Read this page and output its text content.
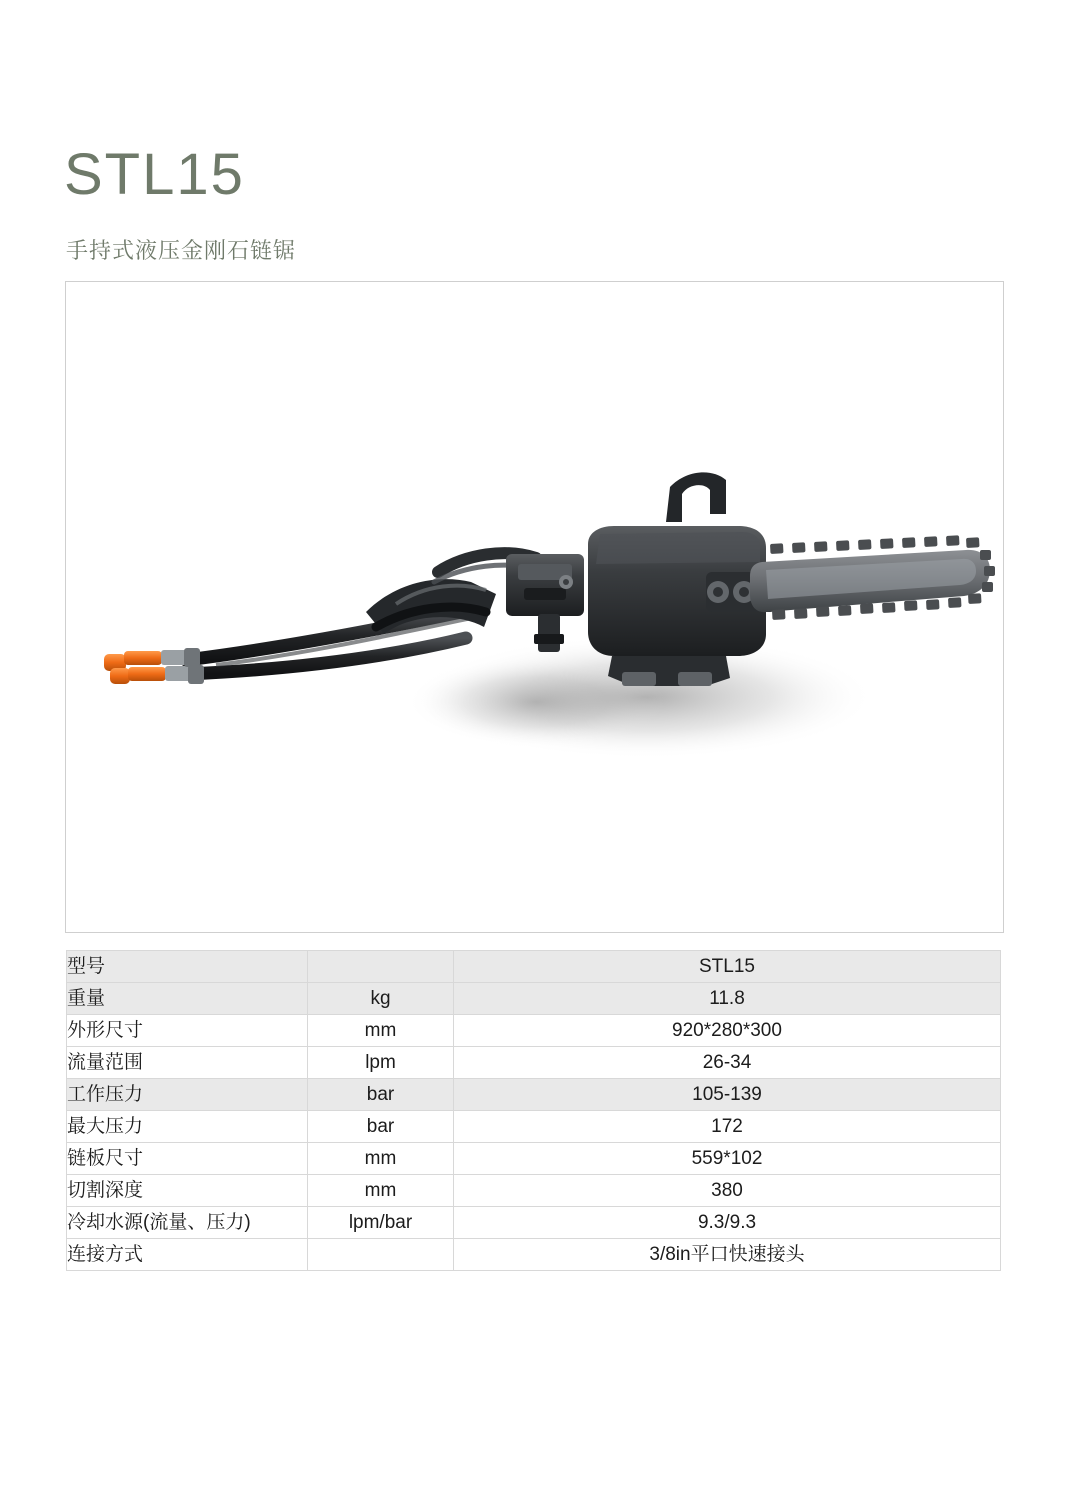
STL15
手持式液压金刚石链锯
型号		STL15
重量	kg	11.8
外形尺寸	mm	920*280*300
流量范围	lpm	26-34
工作压力	bar	105-139
最大压力	bar	172
链板尺寸	mm	559*102
切割深度	mm	380
冷却水源(流量、压力)	lpm/bar	9.3/9.3
连接方式		3/8in平口快速接头
